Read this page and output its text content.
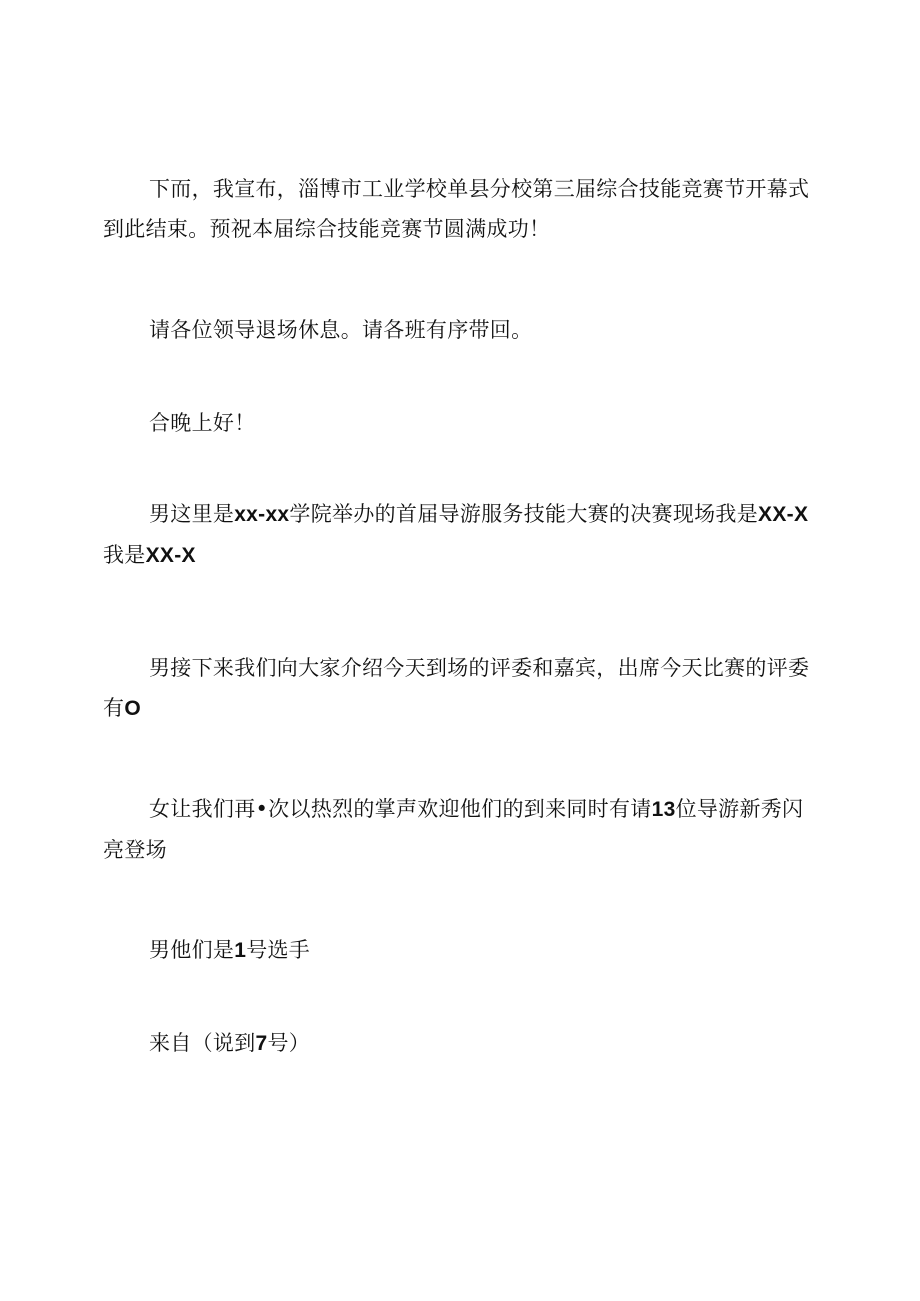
下而，我宣布，淄博市工业学校单县分校第三届综合技能竞赛节开幕式到此结束。预祝本届综合技能竞赛节圆满成功！

请各位领导退场休息。请各班有序带回。

合晚上好！

男这里是xx-xx学院举办的首届导游服务技能大赛的决赛现场我是XX-X我是XX-X

男接下来我们向大家介绍今天到场的评委和嘉宾，出席今天比赛的评委有O

女让我们再•次以热烈的掌声欢迎他们的到来同时有请13位导游新秀闪亮登场

男他们是1号选手

来自（说到7号）
